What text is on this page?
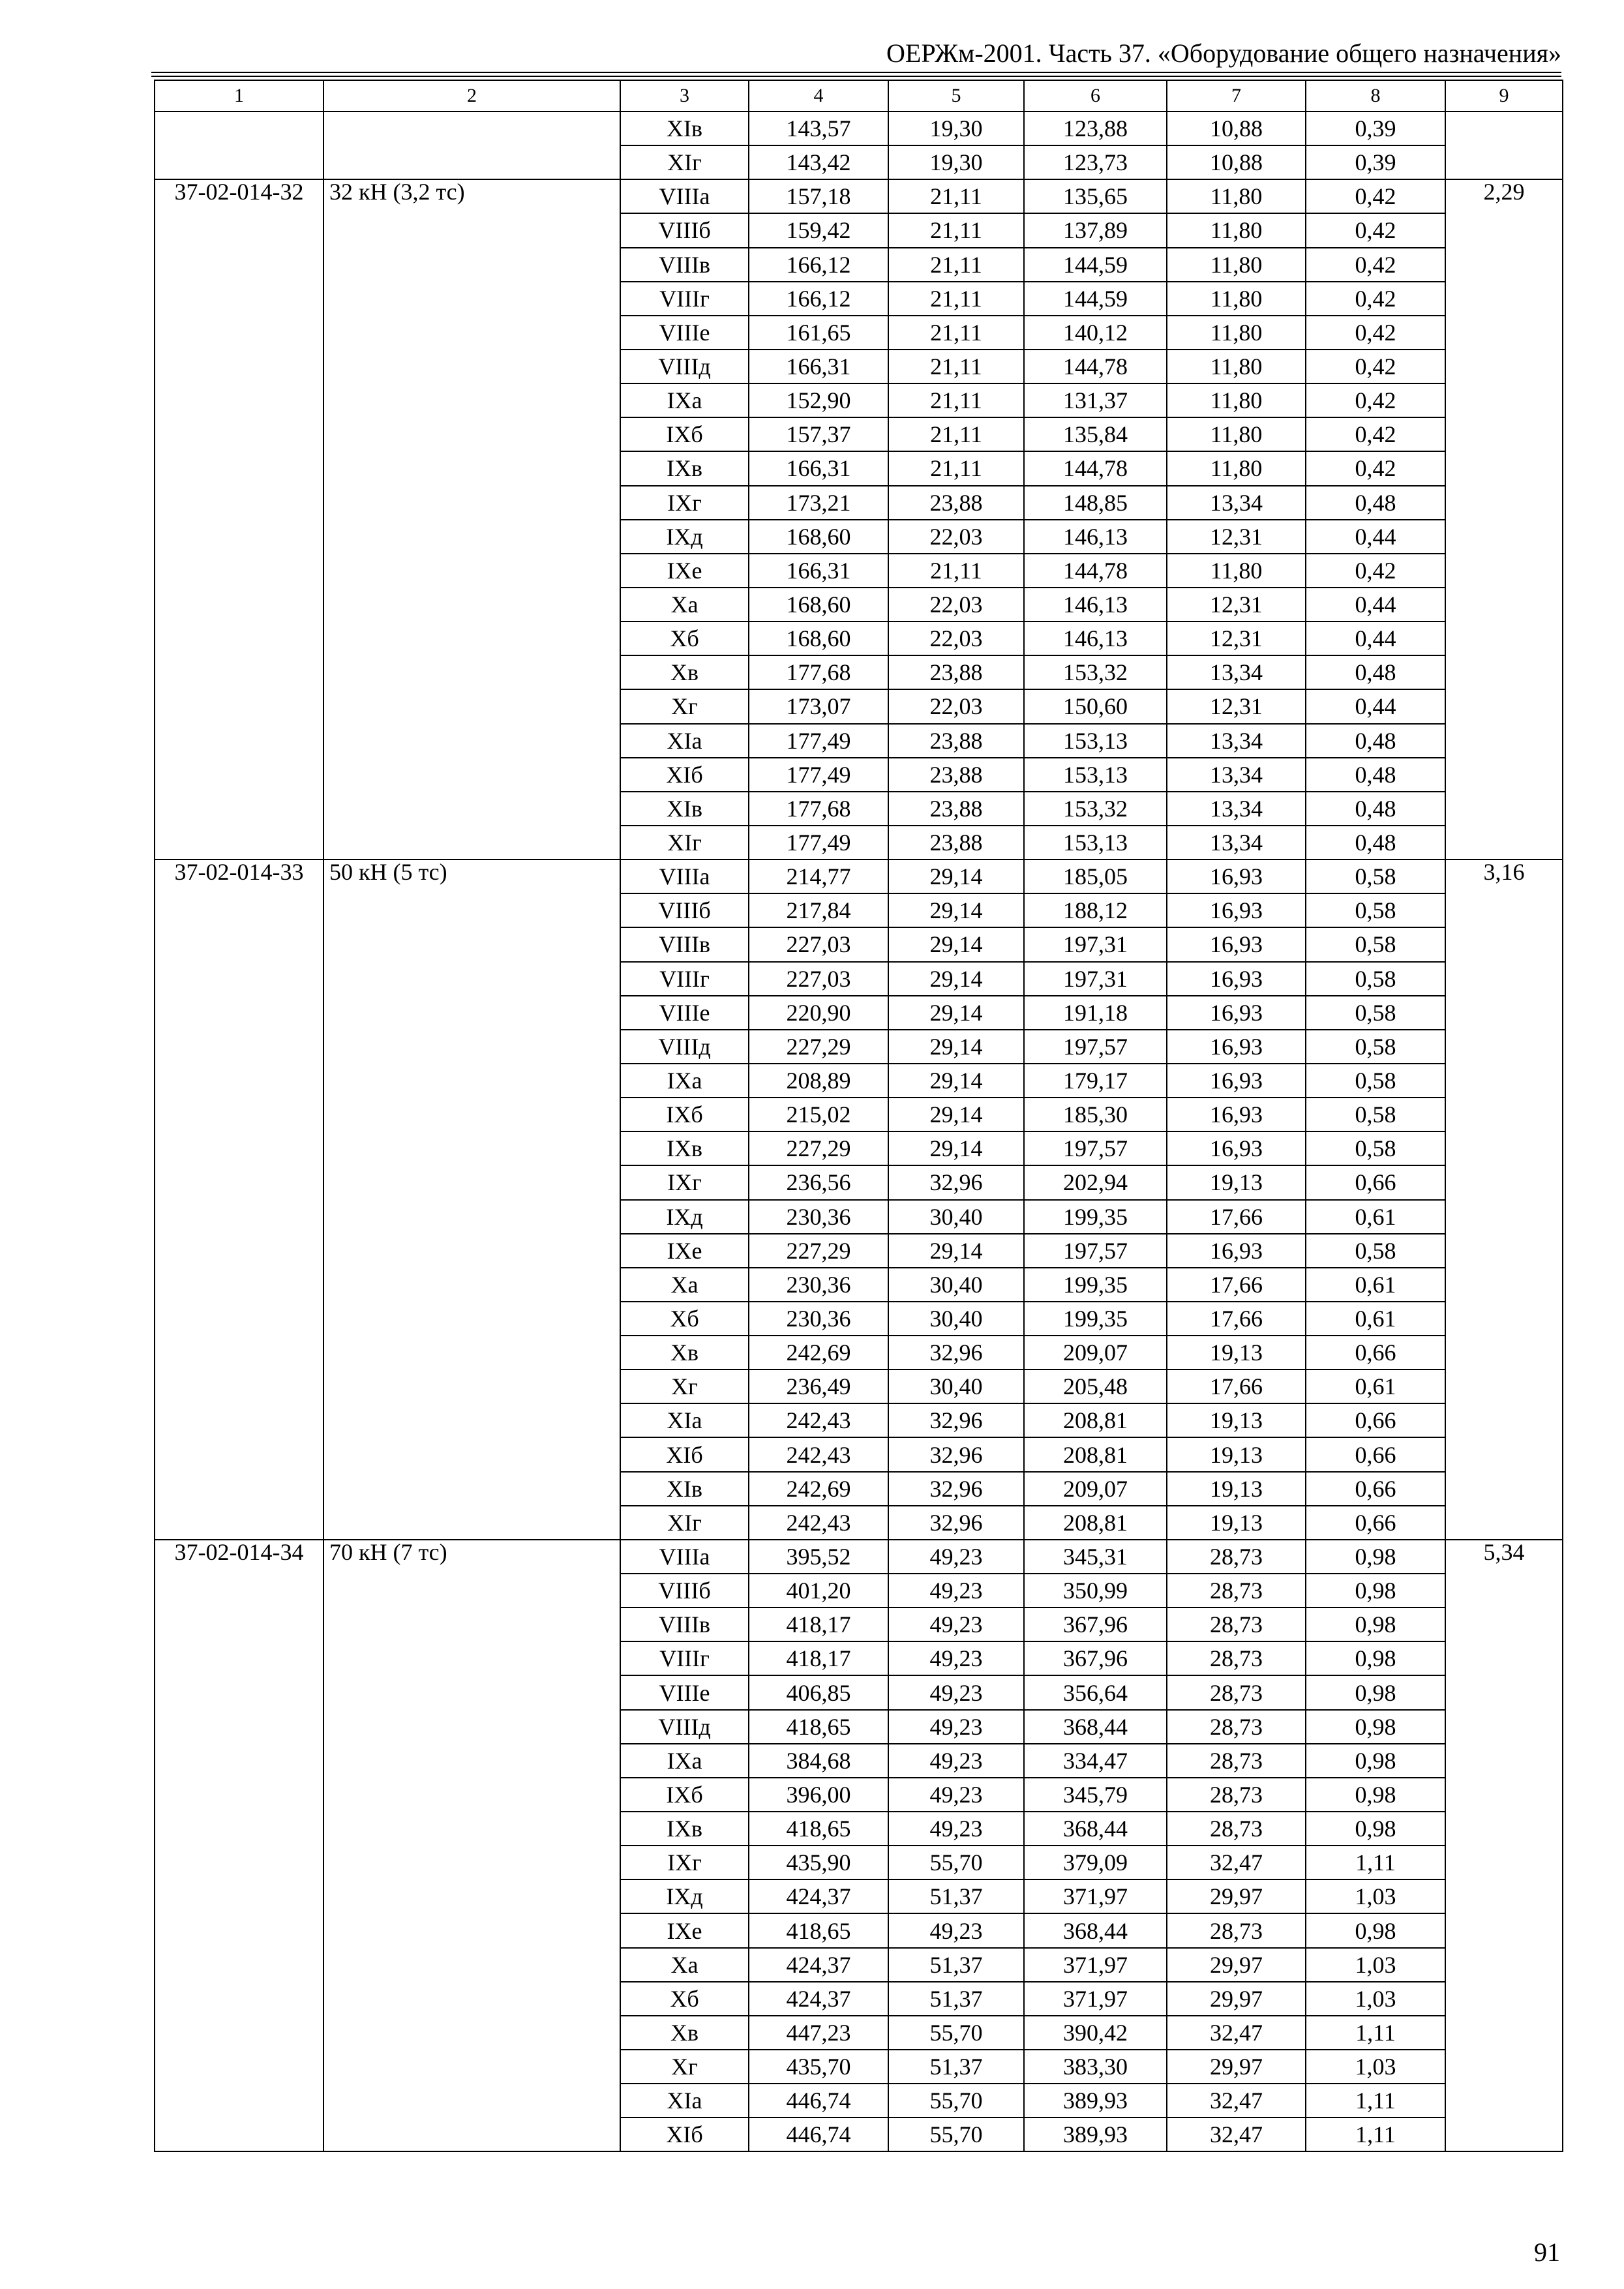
ОЕРЖм-2001. Часть 37. «Оборудование общего назначения»
1	2	3	4	5	6	7	8	9
		XIв	143,57	19,30	123,88	10,88	0,39	
		XIг	143,42	19,30	123,73	10,88	0,39	
37-02-014-32	32 кН (3,2 тс)	VIIIа	157,18	21,11	135,65	11,80	0,42	2,29
		VIIIб	159,42	21,11	137,89	11,80	0,42	
		VIIIв	166,12	21,11	144,59	11,80	0,42	
		VIIIг	166,12	21,11	144,59	11,80	0,42	
		VIIIе	161,65	21,11	140,12	11,80	0,42	
		VIIIд	166,31	21,11	144,78	11,80	0,42	
		IXа	152,90	21,11	131,37	11,80	0,42	
		IXб	157,37	21,11	135,84	11,80	0,42	
		IXв	166,31	21,11	144,78	11,80	0,42	
		IXг	173,21	23,88	148,85	13,34	0,48	
		IXд	168,60	22,03	146,13	12,31	0,44	
		IXе	166,31	21,11	144,78	11,80	0,42	
		Xа	168,60	22,03	146,13	12,31	0,44	
		Xб	168,60	22,03	146,13	12,31	0,44	
		Xв	177,68	23,88	153,32	13,34	0,48	
		Xг	173,07	22,03	150,60	12,31	0,44	
		XIа	177,49	23,88	153,13	13,34	0,48	
		XIб	177,49	23,88	153,13	13,34	0,48	
		XIв	177,68	23,88	153,32	13,34	0,48	
		XIг	177,49	23,88	153,13	13,34	0,48	
37-02-014-33	50 кН (5 тс)	VIIIа	214,77	29,14	185,05	16,93	0,58	3,16
		VIIIб	217,84	29,14	188,12	16,93	0,58	
		VIIIв	227,03	29,14	197,31	16,93	0,58	
		VIIIг	227,03	29,14	197,31	16,93	0,58	
		VIIIе	220,90	29,14	191,18	16,93	0,58	
		VIIIд	227,29	29,14	197,57	16,93	0,58	
		IXа	208,89	29,14	179,17	16,93	0,58	
		IXб	215,02	29,14	185,30	16,93	0,58	
		IXв	227,29	29,14	197,57	16,93	0,58	
		IXг	236,56	32,96	202,94	19,13	0,66	
		IXд	230,36	30,40	199,35	17,66	0,61	
		IXе	227,29	29,14	197,57	16,93	0,58	
		Xа	230,36	30,40	199,35	17,66	0,61	
		Xб	230,36	30,40	199,35	17,66	0,61	
		Xв	242,69	32,96	209,07	19,13	0,66	
		Xг	236,49	30,40	205,48	17,66	0,61	
		XIа	242,43	32,96	208,81	19,13	0,66	
		XIб	242,43	32,96	208,81	19,13	0,66	
		XIв	242,69	32,96	209,07	19,13	0,66	
		XIг	242,43	32,96	208,81	19,13	0,66	
37-02-014-34	70 кН (7 тс)	VIIIа	395,52	49,23	345,31	28,73	0,98	5,34
		VIIIб	401,20	49,23	350,99	28,73	0,98	
		VIIIв	418,17	49,23	367,96	28,73	0,98	
		VIIIг	418,17	49,23	367,96	28,73	0,98	
		VIIIе	406,85	49,23	356,64	28,73	0,98	
		VIIIд	418,65	49,23	368,44	28,73	0,98	
		IXа	384,68	49,23	334,47	28,73	0,98	
		IXб	396,00	49,23	345,79	28,73	0,98	
		IXв	418,65	49,23	368,44	28,73	0,98	
		IXг	435,90	55,70	379,09	32,47	1,11	
		IXд	424,37	51,37	371,97	29,97	1,03	
		IXе	418,65	49,23	368,44	28,73	0,98	
		Xа	424,37	51,37	371,97	29,97	1,03	
		Xб	424,37	51,37	371,97	29,97	1,03	
		Xв	447,23	55,70	390,42	32,47	1,11	
		Xг	435,70	51,37	383,30	29,97	1,03	
		XIа	446,74	55,70	389,93	32,47	1,11	
		XIб	446,74	55,70	389,93	32,47	1,11	
91
